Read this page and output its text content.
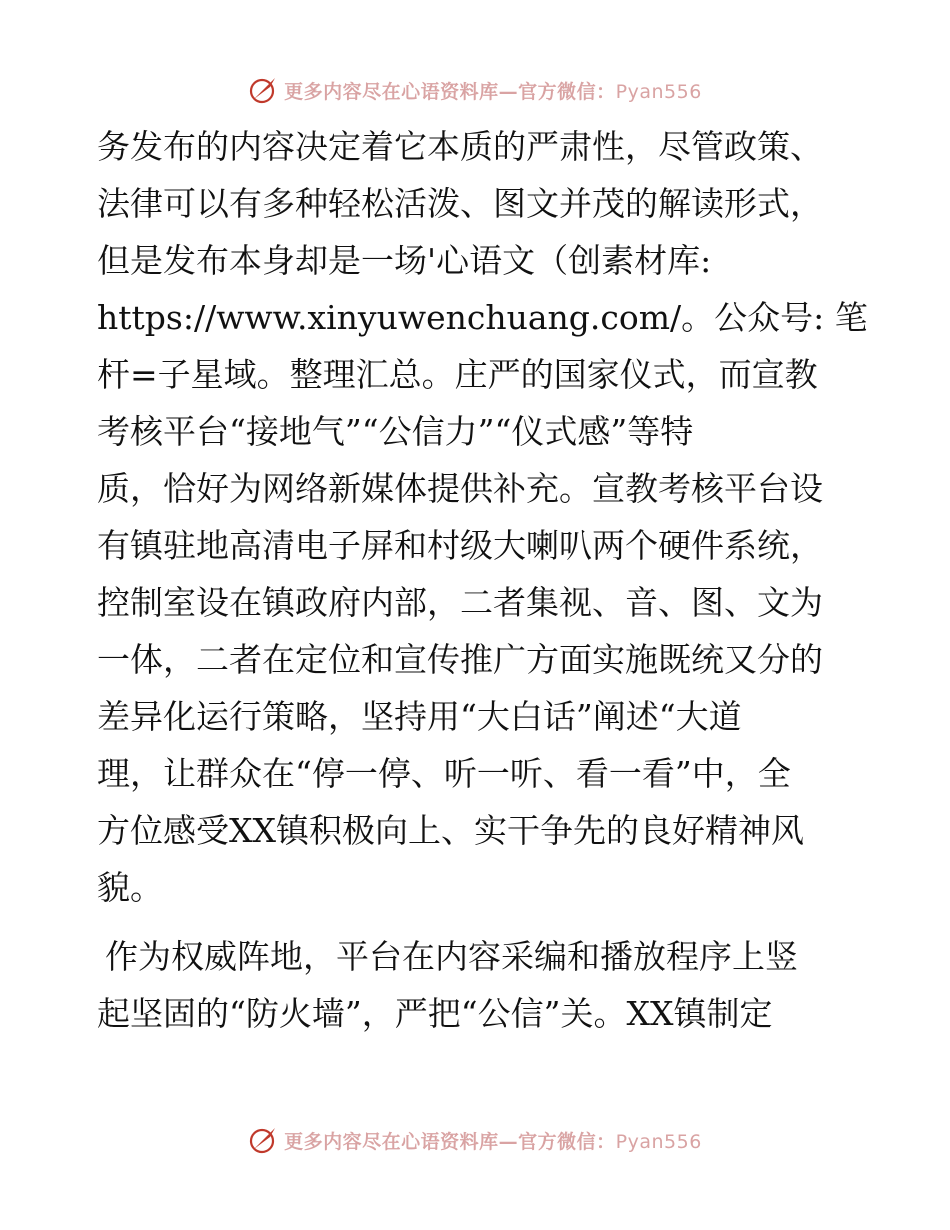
更多内容尽在心语资料库—官方微信：Pyan556
务发布的内容决定着它本质的严肃性，尽管政策、
法律可以有多种轻松活泼、图文并茂的解读形式，
但是发布本身却是一场'心语文（创素材库:
https://www.xinyuwenchuang.com/。公众号: 笔
杆=子星域。整理汇总。庄严的国家仪式，而宣教
考核平台“接地气”“公信力”“仪式感”等特
质，恰好为网络新媒体提供补充。宣教考核平台设
有镇驻地高清电子屏和村级大喇叭两个硬件系统，
控制室设在镇政府内部，二者集视、音、图、文为
一体，二者在定位和宣传推广方面实施既统又分的
差异化运行策略，坚持用“大白话”阐述“大道
理，让群众在“停一停、听一听、看一看”中，全
方位感受XX镇积极向上、实干争先的良好精神风
貌。
作为权威阵地，平台在内容采编和播放程序上竖
起坚固的“防火墙”，严把“公信”关。XX镇制定
更多内容尽在心语资料库—官方微信：Pyan556
